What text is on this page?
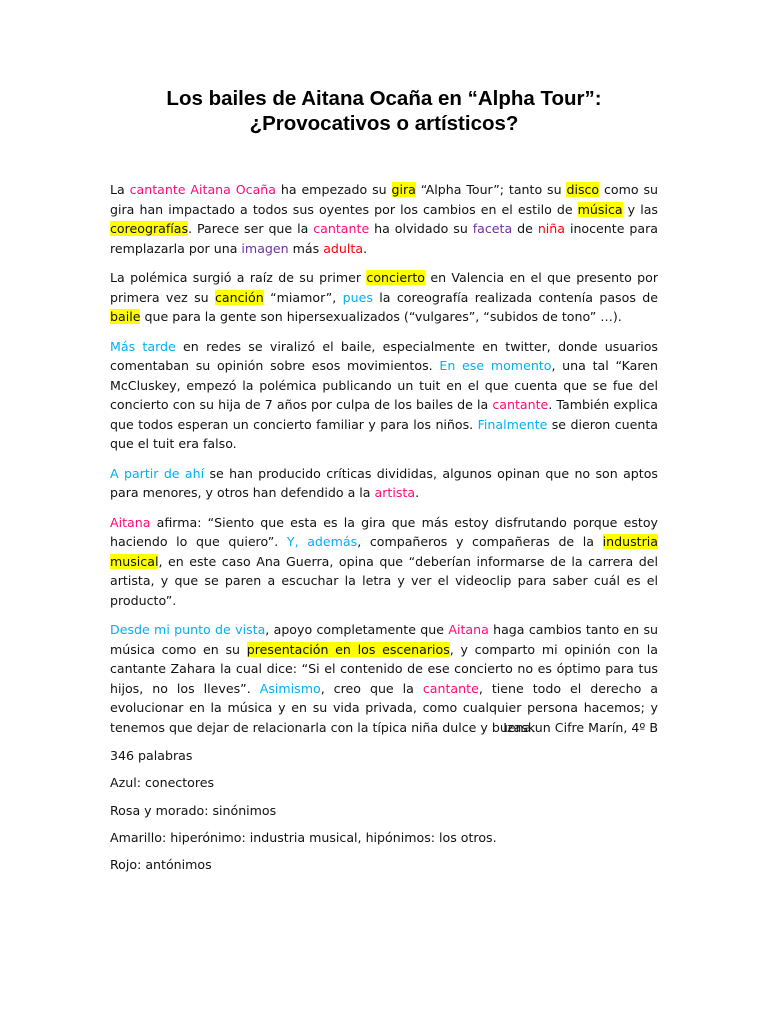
Los bailes de Aitana Ocaña en “Alpha Tour”:
¿Provocativos o artísticos?

La cantante Aitana Ocaña ha empezado su gira “Alpha Tour”; tanto su disco como su gira han impactado a todos sus oyentes por los cambios en el estilo de música y las coreografías. Parece ser que la cantante ha olvidado su faceta de niña inocente para remplazarla por una imagen más adulta.

La polémica surgió a raíz de su primer concierto en Valencia en el que presento por primera vez su canción “miamor”, pues la coreografía realizada contenía pasos de baile que para la gente son hipersexualizados (“vulgares”, “subidos de tono” …).

Más tarde en redes se viralizó el baile, especialmente en twitter, donde usuarios comentaban su opinión sobre esos movimientos. En ese momento, una tal “Karen McCluskey, empezó la polémica publicando un tuit en el que cuenta que se fue del concierto con su hija de 7 años por culpa de los bailes de la cantante. También explica que todos esperan un concierto familiar y para los niños. Finalmente se dieron cuenta que el tuit era falso.

A partir de ahí se han producido críticas divididas, algunos opinan que no son aptos para menores, y otros han defendido a la artista.

Aitana afirma: “Siento que esta es la gira que más estoy disfrutando porque estoy haciendo lo que quiero”. Y, además, compañeros y compañeras de la industria musical, en este caso Ana Guerra, opina que “deberían informarse de la carrera del artista, y que se paren a escuchar la letra y ver el videoclip para saber cuál es el producto”.

Desde mi punto de vista, apoyo completamente que Aitana haga cambios tanto en su música como en su presentación en los escenarios, y comparto mi opinión con la cantante Zahara la cual dice: “Si el contenido de ese concierto no es óptimo para tus hijos, no los lleves”. Asimismo, creo que la cantante, tiene todo el derecho a evolucionar en la música y en su vida privada, como cualquier persona hacemos; y tenemos que dejar de relacionarla con la típica niña dulce y buena.

Izaskun Cifre Marín, 4º B
346 palabras
Azul: conectores
Rosa y morado: sinónimos
Amarillo: hiperónimo: industria musical, hipónimos: los otros.
Rojo: antónimos
